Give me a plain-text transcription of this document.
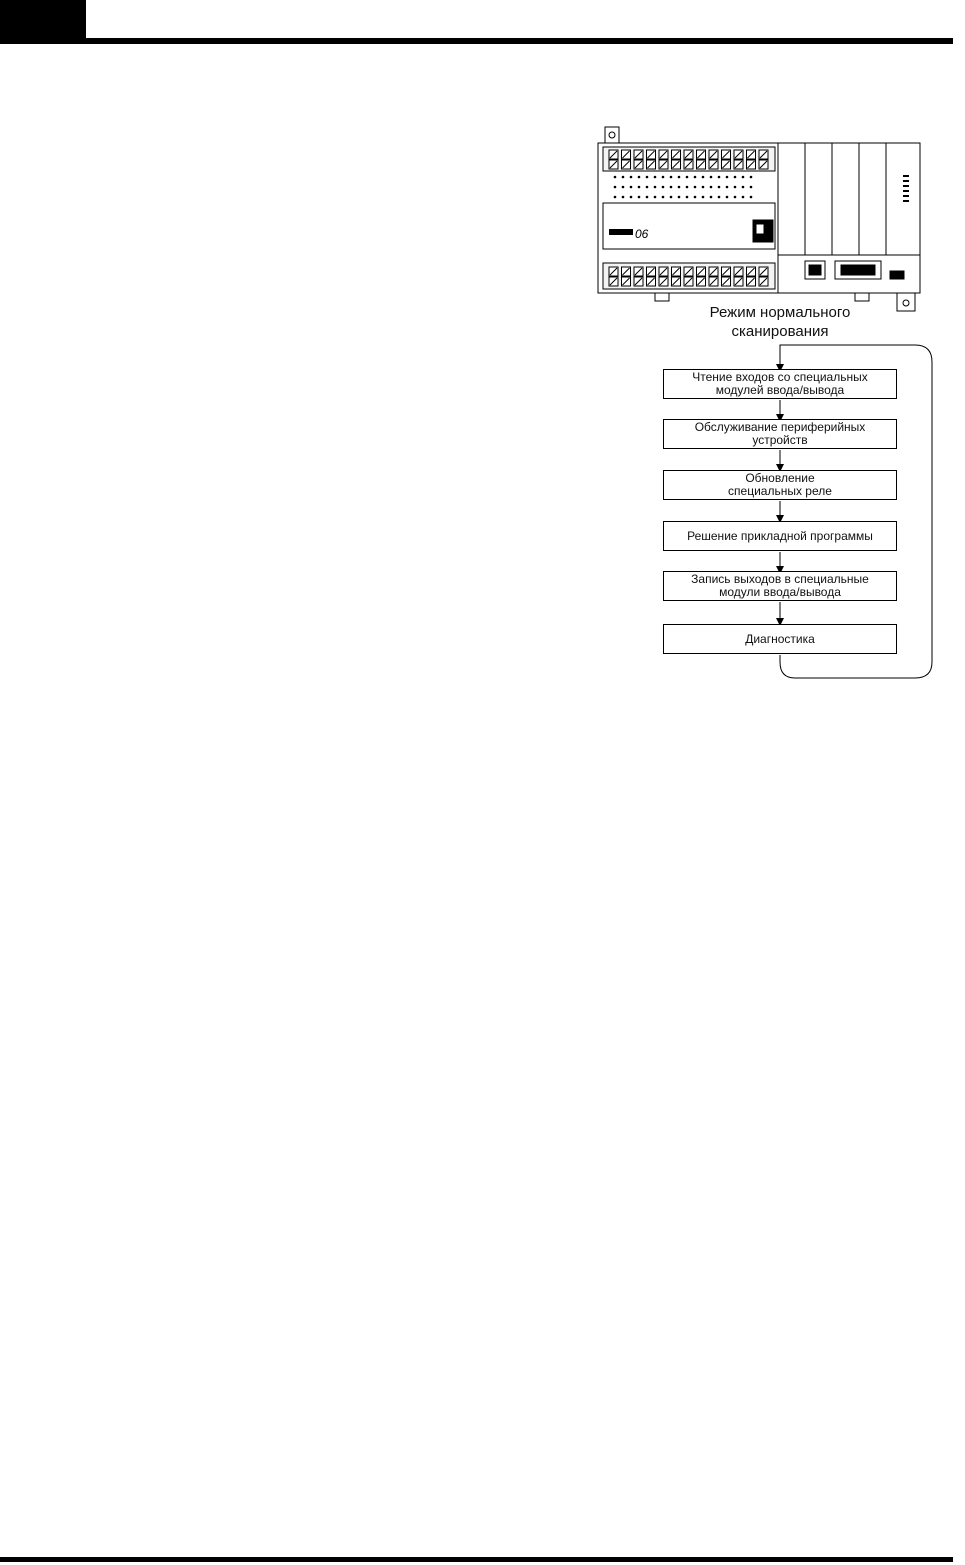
06
Режим нормального
сканирования
Чтение входов со специальных
модулей ввода/вывода
Обслуживание периферийных
устройств
Обновление
специальных реле
Решение прикладной программы
Запись выходов в специальные
модули ввода/вывода
Диагностика
